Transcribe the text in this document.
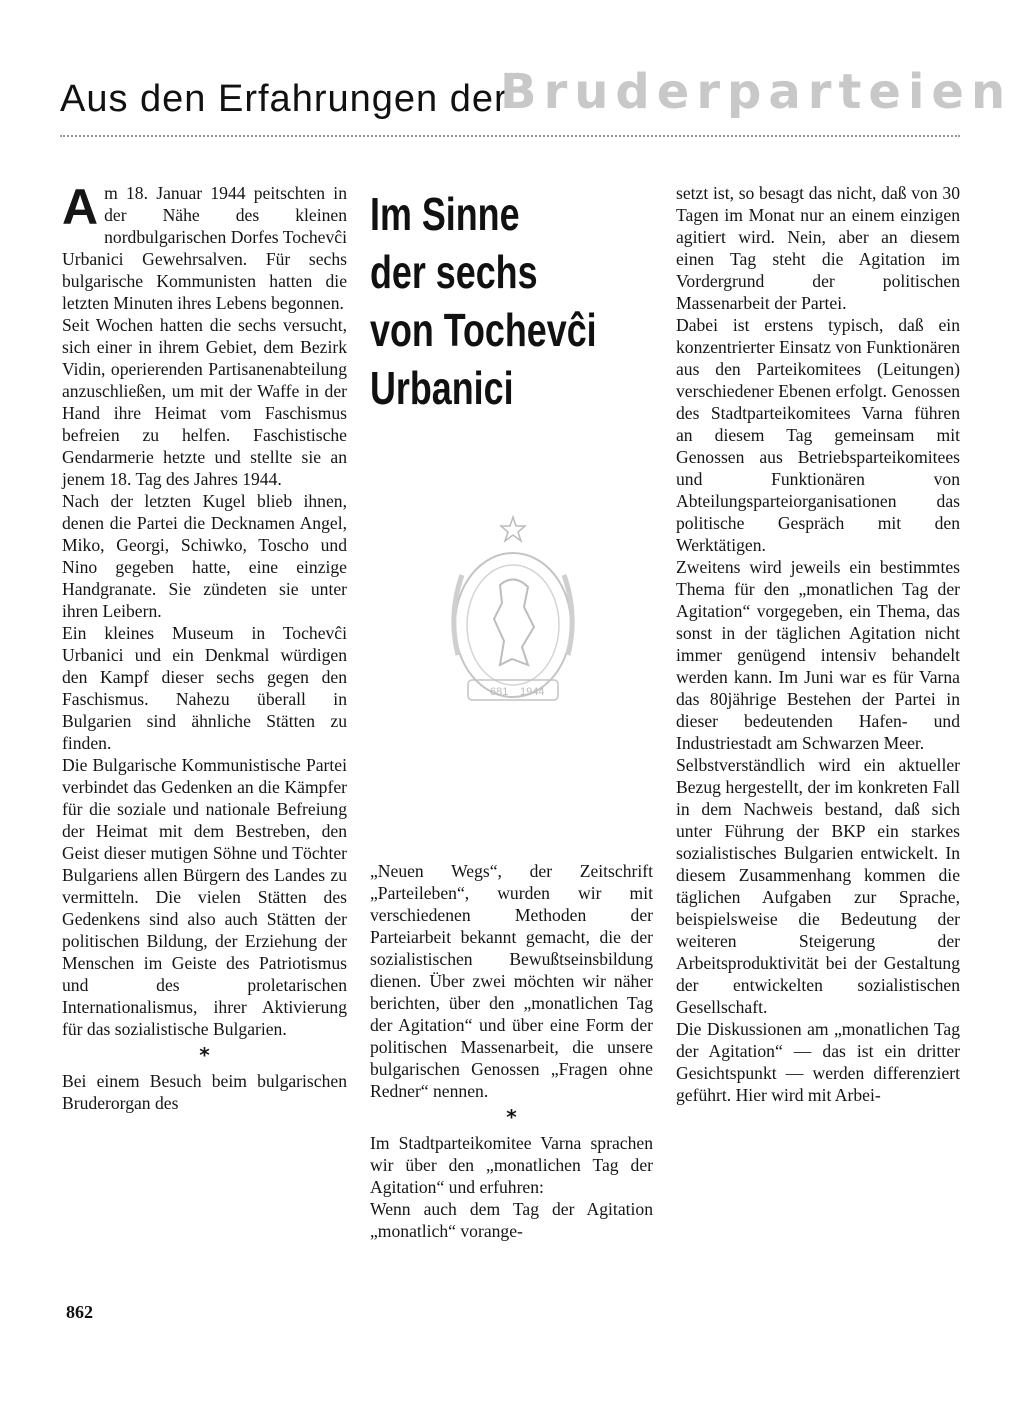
Aus den Erfahrungen der
Bruderparteien

Am 18. Januar 1944 peitschten in der Nähe des kleinen nordbulgarischen Dorfes Tochevĉi Urbanici Gewehrsalven. Für sechs bulgarische Kommunisten hatten die letzten Minuten ihres Lebens begonnen.

Seit Wochen hatten die sechs versucht, sich einer in ihrem Gebiet, dem Bezirk Vidin, operierenden Partisanenabteilung anzuschließen, um mit der Waffe in der Hand ihre Heimat vom Faschismus befreien zu helfen. Faschistische Gendarmerie hetzte und stellte sie an jenem 18. Tag des Jahres 1944.

Nach der letzten Kugel blieb ihnen, denen die Partei die Decknamen Angel, Miko, Georgi, Schiwko, Toscho und Nino gegeben hatte, eine einzige Handgranate. Sie zündeten sie unter ihren Leibern.

Ein kleines Museum in Tochevĉi Urbanici und ein Denkmal würdigen den Kampf dieser sechs gegen den Faschismus. Nahezu überall in Bulgarien sind ähnliche Stätten zu finden.

Die Bulgarische Kommunistische Partei verbindet das Gedenken an die Kämpfer für die soziale und nationale Befreiung der Heimat mit dem Bestreben, den Geist dieser mutigen Söhne und Töchter Bulgariens allen Bürgern des Landes zu vermitteln. Die vielen Stätten des Gedenkens sind also auch Stätten der politischen Bildung, der Erziehung der Menschen im Geiste des Patriotismus und des proletarischen Internationalismus, ihrer Aktivierung für das sozialistische Bulgarien.

*

Bei einem Besuch beim bulgarischen Bruderorgan des

Im Sinne
der sechs
von Tochevĉi
Urbanici
681 1944

„Neuen Wegs“, der Zeitschrift „Parteileben“, wurden wir mit verschiedenen Methoden der Parteiarbeit bekannt gemacht, die der sozialistischen Bewußtseinsbildung dienen. Über zwei möchten wir näher berichten, über den „monatlichen Tag der Agitation“ und über eine Form der politischen Massenarbeit, die unsere bulgarischen Genossen „Fragen ohne Redner“ nennen.

*

Im Stadtparteikomitee Varna sprachen wir über den „monatlichen Tag der Agitation“ und erfuhren:

Wenn auch dem Tag der Agitation „monatlich“ vorange-

setzt ist, so besagt das nicht, daß von 30 Tagen im Monat nur an einem einzigen agitiert wird. Nein, aber an diesem einen Tag steht die Agitation im Vordergrund der politischen Massenarbeit der Partei.

Dabei ist erstens typisch, daß ein konzentrierter Einsatz von Funktionären aus den Parteikomitees (Leitungen) verschiedener Ebenen erfolgt. Genossen des Stadtparteikomitees Varna führen an diesem Tag gemeinsam mit Genossen aus Betriebsparteikomitees und Funktionären von Abteilungsparteiorganisationen das politische Gespräch mit den Werktätigen.

Zweitens wird jeweils ein bestimmtes Thema für den „monatlichen Tag der Agitation“ vorgegeben, ein Thema, das sonst in der täglichen Agitation nicht immer genügend intensiv behandelt werden kann. Im Juni war es für Varna das 80jährige Bestehen der Partei in dieser bedeutenden Hafen- und Industriestadt am Schwarzen Meer.

Selbstverständlich wird ein aktueller Bezug hergestellt, der im konkreten Fall in dem Nachweis bestand, daß sich unter Führung der BKP ein starkes sozialistisches Bulgarien entwickelt. In diesem Zusammenhang kommen die täglichen Aufgaben zur Sprache, beispielsweise die Bedeutung der weiteren Steigerung der Arbeitsproduktivität bei der Gestaltung der entwickelten sozialistischen Gesellschaft.

Die Diskussionen am „monatlichen Tag der Agitation“ — das ist ein dritter Gesichtspunkt — werden differenziert geführt. Hier wird mit Arbei-

862
